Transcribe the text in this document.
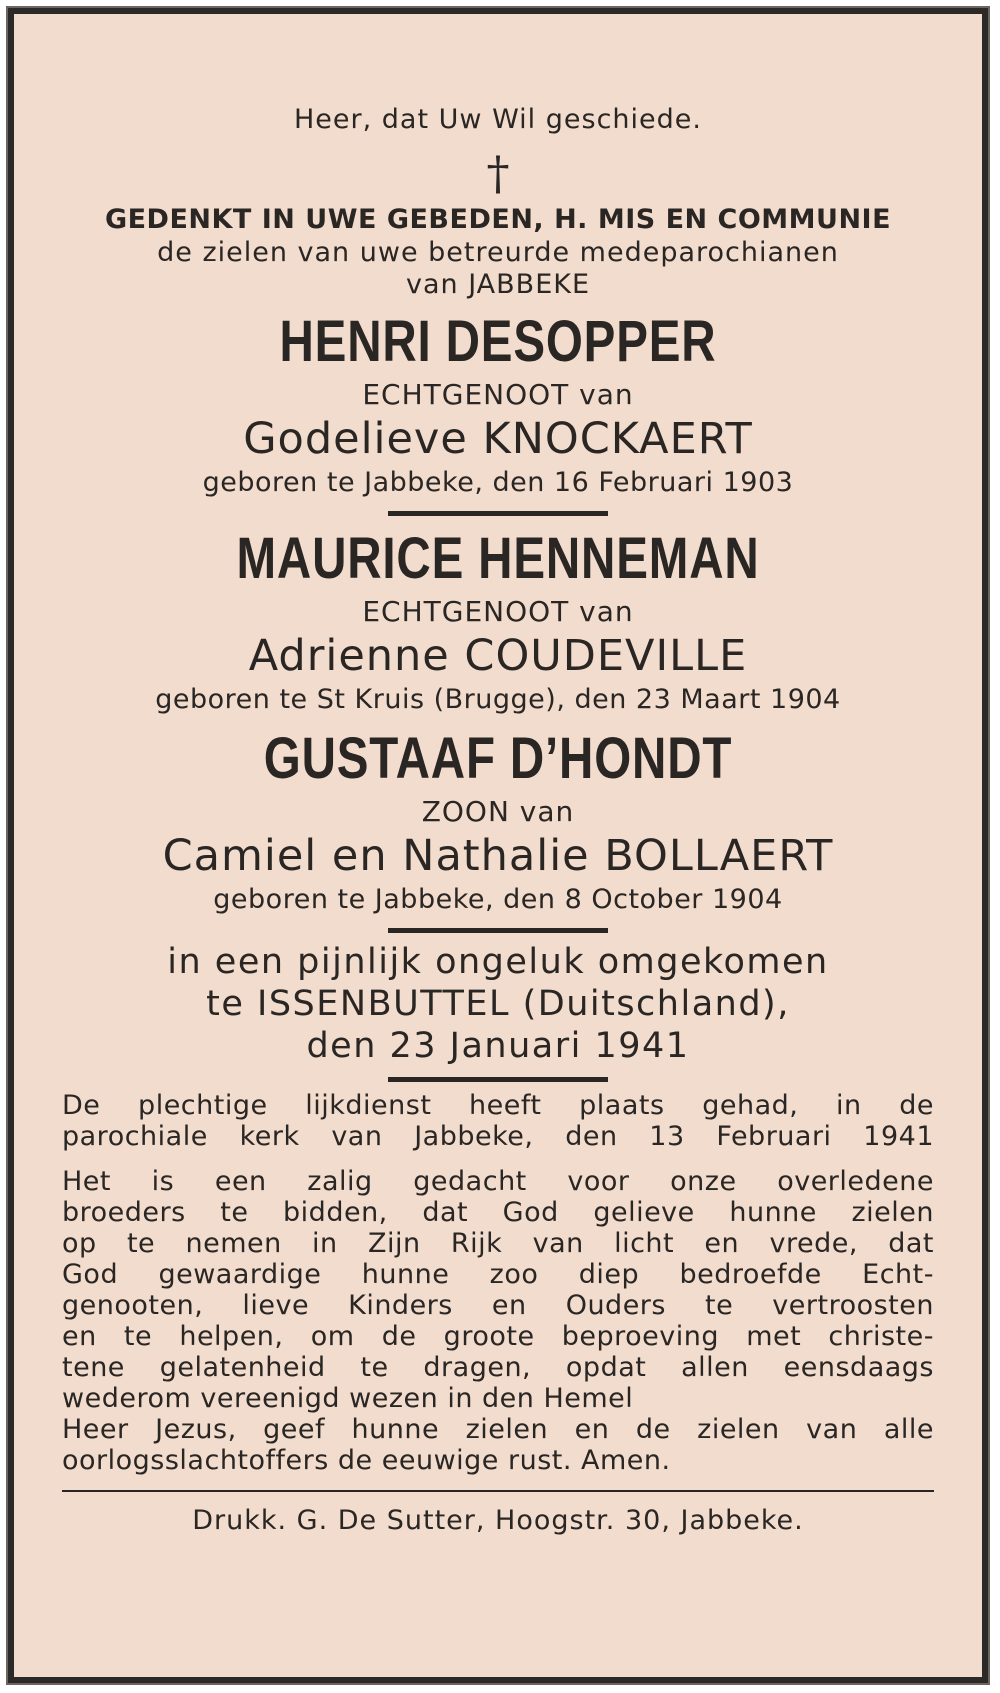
Heer, dat Uw Wil geschiede.
†
GEDENKT IN UWE GEBEDEN, H. MIS EN COMMUNIE
de zielen van uwe betreurde medeparochianen
van JABBEKE
HENRI DESOPPER
ECHTGENOOT van
Godelieve KNOCKAERT
geboren te Jabbeke, den 16 Februari 1903
MAURICE HENNEMAN
ECHTGENOOT van
Adrienne COUDEVILLE
geboren te St Kruis (Brugge), den 23 Maart 1904
GUSTAAF D’HONDT
ZOON van
Camiel en Nathalie BOLLAERT
geboren te Jabbeke, den 8 October 1904
in een pijnlijk ongeluk omgekomen
te ISSENBUTTEL (Duitschland),
den 23 Januari 1941
De plechtige lijkdienst heeft plaats gehad, in de
parochiale kerk van Jabbeke, den 13 Februari 1941
Het is een zalig gedacht voor onze overledene
broeders te bidden, dat God gelieve hunne zielen
op te nemen in Zijn Rijk van licht en vrede, dat
God gewaardige hunne zoo diep bedroefde Echt-
genooten, lieve Kinders en Ouders te vertroosten
en te helpen, om de groote beproeving met christe-
tene gelatenheid te dragen, opdat allen eensdaags
wederom vereenigd wezen in den Hemel
Heer Jezus, geef hunne zielen en de zielen van alle
oorlogsslachtoffers de eeuwige rust. Amen.
Drukk. G. De Sutter, Hoogstr. 30, Jabbeke.
